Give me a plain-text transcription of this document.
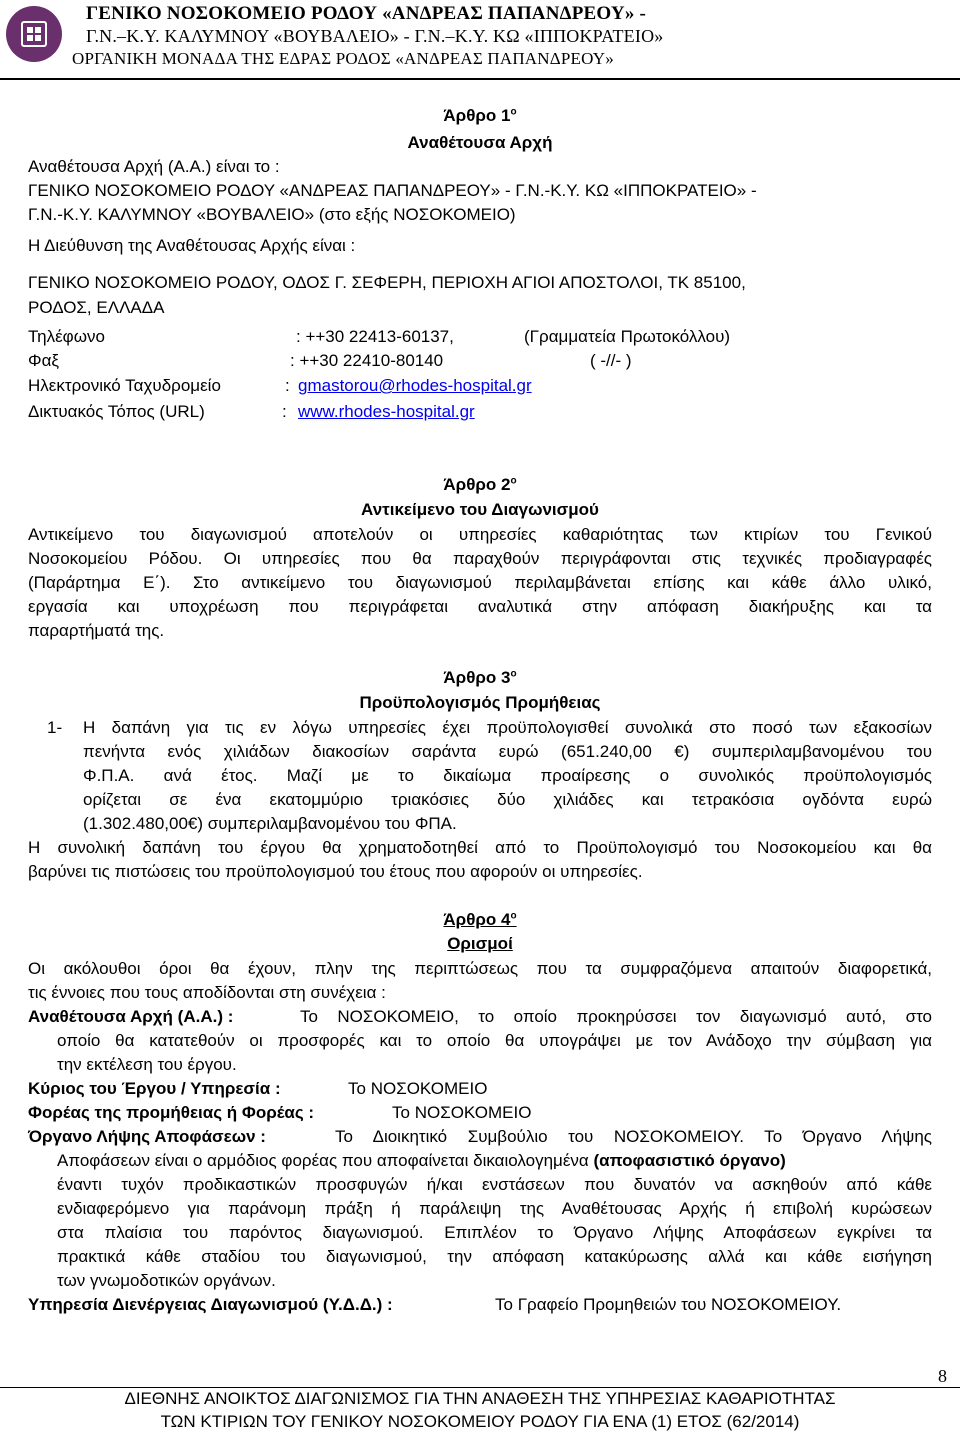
ΓΕΝΙΚΟ ΝΟΣΟΚΟΜΕΙΟ ΡΟΔΟΥ «ΑΝΔΡΕΑΣ ΠΑΠΑΝΔΡΕΟΥ» -
Γ.Ν.–Κ.Υ. ΚΑΛΥΜΝΟΥ «ΒΟΥΒΑΛΕΙΟ» - Γ.Ν.–Κ.Υ. ΚΩ «ΙΠΠΟΚΡΑΤΕΙΟ»
ΟΡΓΑΝΙΚΗ ΜΟΝΑΔΑ ΤΗΣ ΕΔΡΑΣ ΡΟΔΟΣ «ΑΝΔΡΕΑΣ ΠΑΠΑΝΔΡΕΟΥ»
Άρθρο $1^o$
Αναθέτουσα Αρχή
Αναθέτουσα Αρχή (Α.Α.) είναι το :
ΓΕΝΙΚΟ ΝΟΣΟΚΟΜΕΙΟ ΡΟΔΟΥ «ΑΝΔΡΕΑΣ ΠΑΠΑΝΔΡΕΟΥ» - Γ.Ν.-Κ.Υ. ΚΩ «ΙΠΠΟΚΡΑΤΕΙΟ» -
Γ.Ν.-Κ.Υ. ΚΑΛΥΜΝΟΥ «ΒΟΥΒΑΛΕΙΟ» (στο εξής ΝΟΣΟΚΟΜΕΙΟ)
Η Διεύθυνση της Αναθέτουσας Αρχής είναι :
ΓΕΝΙΚΟ ΝΟΣΟΚΟΜΕΙΟ ΡΟΔΟΥ, ΟΔΟΣ Γ. ΣΕΦΕΡΗ, ΠΕΡΙΟΧΗ ΑΓΙΟΙ ΑΠΟΣΤΟΛΟΙ, ΤΚ 85100,
ΡΟΔΟΣ, ΕΛΛΑΔΑ
Τηλέφωνο	: ++30 22413-60137,	(Γραμματεία Πρωτοκόλλου)
Φαξ	: ++30 22410-80140	( -//- )
Ηλεκτρονικό Ταχυδρομείο	: gmastorou@rhodes-hospital.gr
Δικτυακός Τόπος (URL)	: www.rhodes-hospital.gr
Άρθρο $2^o$
Αντικείμενο του Διαγωνισμού
Αντικείμενο του διαγωνισμού αποτελούν οι υπηρεσίες καθαριότητας των κτιρίων του Γενικού
Νοσοκομείου Ρόδου. Οι υπηρεσίες που θα παραχθούν περιγράφονται στις τεχνικές προδιαγραφές
(Παράρτημα Ε΄). Στο αντικείμενο του διαγωνισμού περιλαμβάνεται επίσης και κάθε άλλο υλικό,
εργασία και υποχρέωση που περιγράφεται αναλυτικά στην απόφαση διακήρυξης και τα
παραρτήματά της.
Άρθρο $3^o$
Προϋπολογισμός Προμήθειας
1- Η δαπάνη για τις εν λόγω υπηρεσίες έχει προϋπολογισθεί συνολικά στο ποσό των εξακοσίων
πενήντα ενός χιλιάδων διακοσίων σαράντα ευρώ (651.240,00 €) συμπεριλαμβανομένου του
Φ.Π.Α. ανά έτος. Μαζί με το δικαίωμα προαίρεσης ο συνολικός προϋπολογισμός
ορίζεται σε ένα εκατομμύριο τριακόσιες δύο χιλιάδες και τετρακόσια ογδόντα ευρώ
(1.302.480,00€) συμπεριλαμβανομένου του ΦΠΑ.
Η συνολική δαπάνη του έργου θα χρηματοδοτηθεί από το Προϋπολογισμό του Νοσοκομείου και θα
βαρύνει τις πιστώσεις του προϋπολογισμού του έτους που αφορούν οι υπηρεσίες.
Άρθρο $4^o$
Ορισμοί
Οι ακόλουθοι όροι θα έχουν, πλην της περιπτώσεως που τα συμφραζόμενα απαιτούν διαφορετικά,
τις έννοιες που τους αποδίδονται στη συνέχεια :
Αναθέτουσα Αρχή (Α.Α.) :	Το ΝΟΣΟΚΟΜΕΙΟ, το οποίο προκηρύσσει τον διαγωνισμό αυτό, στο
οποίο θα κατατεθούν οι προσφορές και το οποίο θα υπογράψει με τον Ανάδοχο την σύμβαση για
την εκτέλεση του έργου.
Κύριος του Έργου / Υπηρεσία :	Το ΝΟΣΟΚΟΜΕΙΟ
Φορέας της προμήθειας ή Φορέας :	Το ΝΟΣΟΚΟΜΕΙΟ
Όργανο Λήψης Αποφάσεων :	Το Διοικητικό Συμβούλιο του ΝΟΣΟΚΟΜΕΙΟΥ. Το Όργανο Λήψης
Αποφάσεων είναι ο αρμόδιος φορέας που αποφαίνεται δικαιολογημένα (αποφασιστικό όργανο)
έναντι τυχόν προδικαστικών προσφυγών ή/και ενστάσεων που δυνατόν να ασκηθούν από κάθε
ενδιαφερόμενο για παράνομη πράξη ή παράλειψη της Αναθέτουσας Αρχής ή επιβολή κυρώσεων
στα πλαίσια του παρόντος διαγωνισμού. Επιπλέον το Όργανο Λήψης Αποφάσεων εγκρίνει τα
πρακτικά κάθε σταδίου του διαγωνισμού, την απόφαση κατακύρωσης αλλά και κάθε εισήγηση
των γνωμοδοτικών οργάνων.
Υπηρεσία Διενέργειας Διαγωνισμού (Υ.Δ.Δ.) :	Το Γραφείο Προμηθειών του ΝΟΣΟΚΟΜΕΙΟΥ.
8
ΔΙΕΘΝΗΣ ΑΝΟΙΚΤΟΣ ΔΙΑΓΩΝΙΣΜΟΣ ΓΙΑ ΤΗΝ ΑΝΑΘΕΣΗ ΤΗΣ ΥΠΗΡΕΣΙΑΣ ΚΑΘΑΡΙΟΤΗΤΑΣ
ΤΩΝ ΚΤΙΡΙΩΝ ΤΟΥ ΓΕΝΙΚΟΥ ΝΟΣΟΚΟΜΕΙΟΥ ΡΟΔΟΥ ΓΙΑ ΕΝΑ (1) ΕΤΟΣ (62/2014)
